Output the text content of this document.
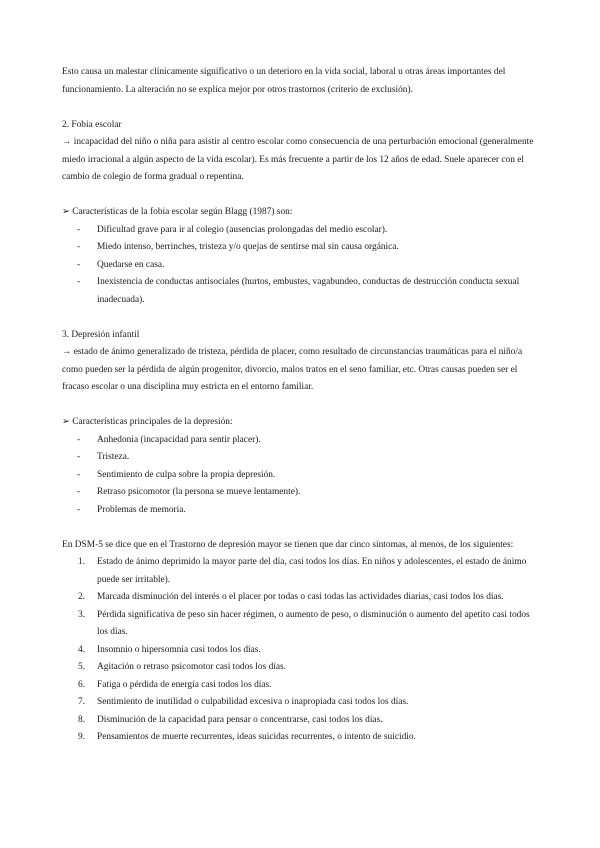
Esto causa un malestar clínicamente significativo o un deterioro en la vida social, laboral u otras áreas importantes del funcionamiento. La alteración no se explica mejor por otros trastornos (criterio de exclusión).

2. Fobia escolar

→ incapacidad del niño o niña para asistir al centro escolar como consecuencia de una perturbación emocional (generalmente miedo irracional a algún aspecto de la vida escolar). Es más frecuente a partir de los 12 años de edad. Suele aparecer con el cambio de colegio de forma gradual o repentina.

➢ Características de la fobia escolar según Blagg (1987) son:

- Dificultad grave para ir al colegio (ausencias prolongadas del medio escolar).
- Miedo intenso, berrinches, tristeza y/o quejas de sentirse mal sin causa orgánica.
- Quedarse en casa.
- Inexistencia de conductas antisociales (hurtos, embustes, vagabundeo, conductas de destrucción conducta sexual inadecuada).

3. Depresión infantil

→ estado de ánimo generalizado de tristeza, pérdida de placer, como resultado de circunstancias traumáticas para el niño/a como pueden ser la pérdida de algún progenitor, divorcio, malos tratos en el seno familiar, etc. Otras causas pueden ser el fracaso escolar o una disciplina muy estricta en el entorno familiar.

➢ Características principales de la depresión:

- Anhedonia (incapacidad para sentir placer).
- Tristeza.
- Sentimiento de culpa sobre la propia depresión.
- Retraso psicomotor (la persona se mueve lentamente).
- Problemas de memoria.

En DSM-5 se dice que en el Trastorno de depresión mayor se tienen que dar cinco síntomas, al menos, de los siguientes:

1. Estado de ánimo deprimido la mayor parte del día, casi todos los días. En niños y adolescentes, el estado de ánimo puede ser irritable).
2. Marcada disminución del interés o el placer por todas o casi todas las actividades diarias, casi todos los días.
3. Pérdida significativa de peso sin hacer régimen, o aumento de peso, o disminución o aumento del apetito casi todos los días.
4. Insomnio o hipersomnia casi todos los días.
5. Agitación o retraso psicomotor casi todos los días.
6. Fatiga o pérdida de energía casi todos los días.
7. Sentimiento de inutilidad o culpabilidad excesiva o inapropiada casi todos los días.
8. Disminución de la capacidad para pensar o concentrarse, casi todos los días.
9. Pensamientos de muerte recurrentes, ideas suicidas recurrentes, o intento de suicidio.
